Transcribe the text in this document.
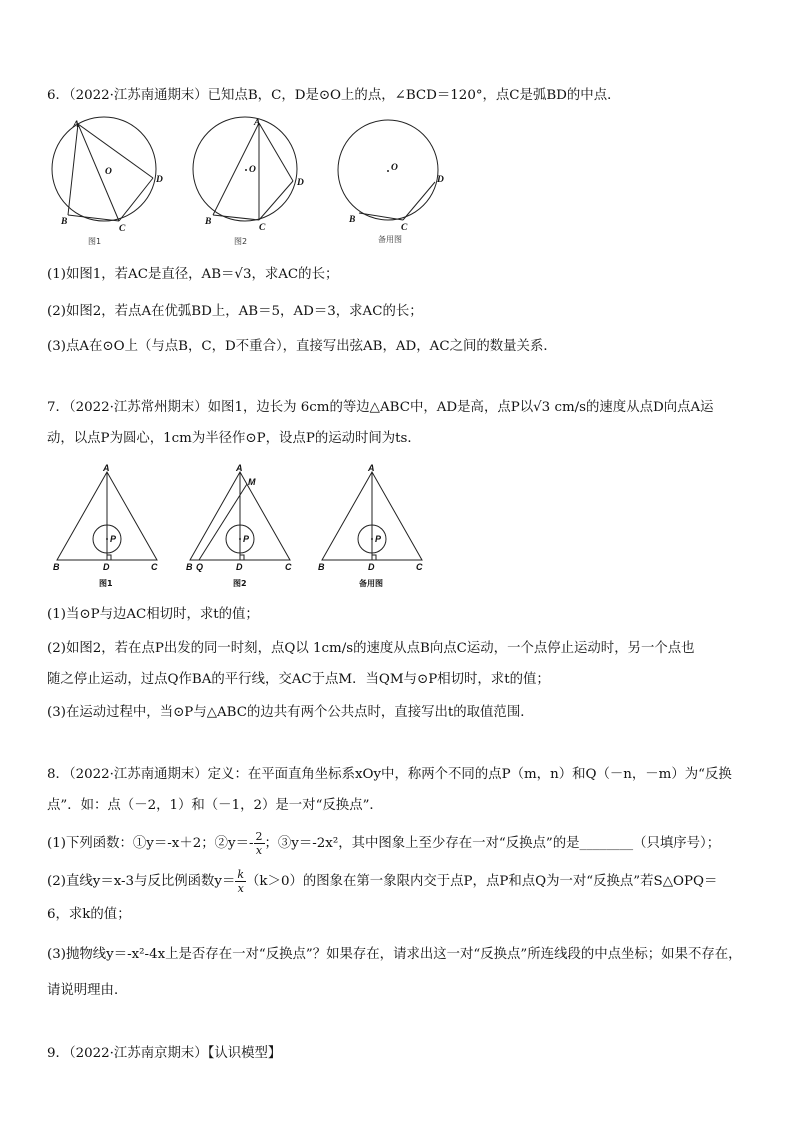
6．（2022·江苏南通期末）已知点B，C，D是⊙O上的点，∠BCD＝120°，点C是弧BD的中点．
A
O
D
B
C
图1
A
O
D
B
C
图2
O
D
B
C
备用图
(1)如图1，若AC是直径，AB＝√3，求AC的长；
(2)如图2，若点A在优弧BD上，AB＝5，AD＝3，求AC的长；
(3)点A在⊙O上（与点B，C，D不重合），直接写出弦AB，AD，AC之间的数量关系．
7．（2022·江苏常州期末）如图1，边长为 6cm的等边△ABC中，AD是高，点P以√3 cm/s的速度从点D向点A运
动，以点P为圆心，1cm为半径作⊙P，设点P的运动时间为ts．
A
P
B	D	C
图1
A
M
P
B Q	D	C
图2
A
P
B	D	C
备用图
(1)当⊙P与边AC相切时，求t的值；
(2)如图2，若在点P出发的同一时刻，点Q以 1cm/s的速度从点B向点C运动，一个点停止运动时，另一个点也
随之停止运动，过点Q作BA的平行线，交AC于点M．当QM与⊙P相切时，求t的值；
(3)在运动过程中，当⊙P与△ABC的边共有两个公共点时，直接写出t的取值范围．
8．（2022·江苏南通期末）定义：在平面直角坐标系xOy中，称两个不同的点P（m，n）和Q（－n，－m）为“反换
点”．如：点（－2，1）和（－1，2）是一对“反换点”．
(1)下列函数：①y＝-x＋2；②y＝- $\frac{2}{x}$ ；③y＝-2x²，其中图象上至少存在一对“反换点”的是________（只填序号）；
(2)直线y＝x-3与反比例函数$y= \frac{k}{x} (k>0)$的图象在第一象限内交于点P，点P和点Q为一对“反换点”若S△OPQ＝
6，求k的值；
(3)抛物线y＝-x²-4x上是否存在一对“反换点”？如果存在，请求出这一对“反换点”所连线段的中点坐标；如果不存在，
请说明理由．
9．（2022·江苏南京期末）【认识模型】
